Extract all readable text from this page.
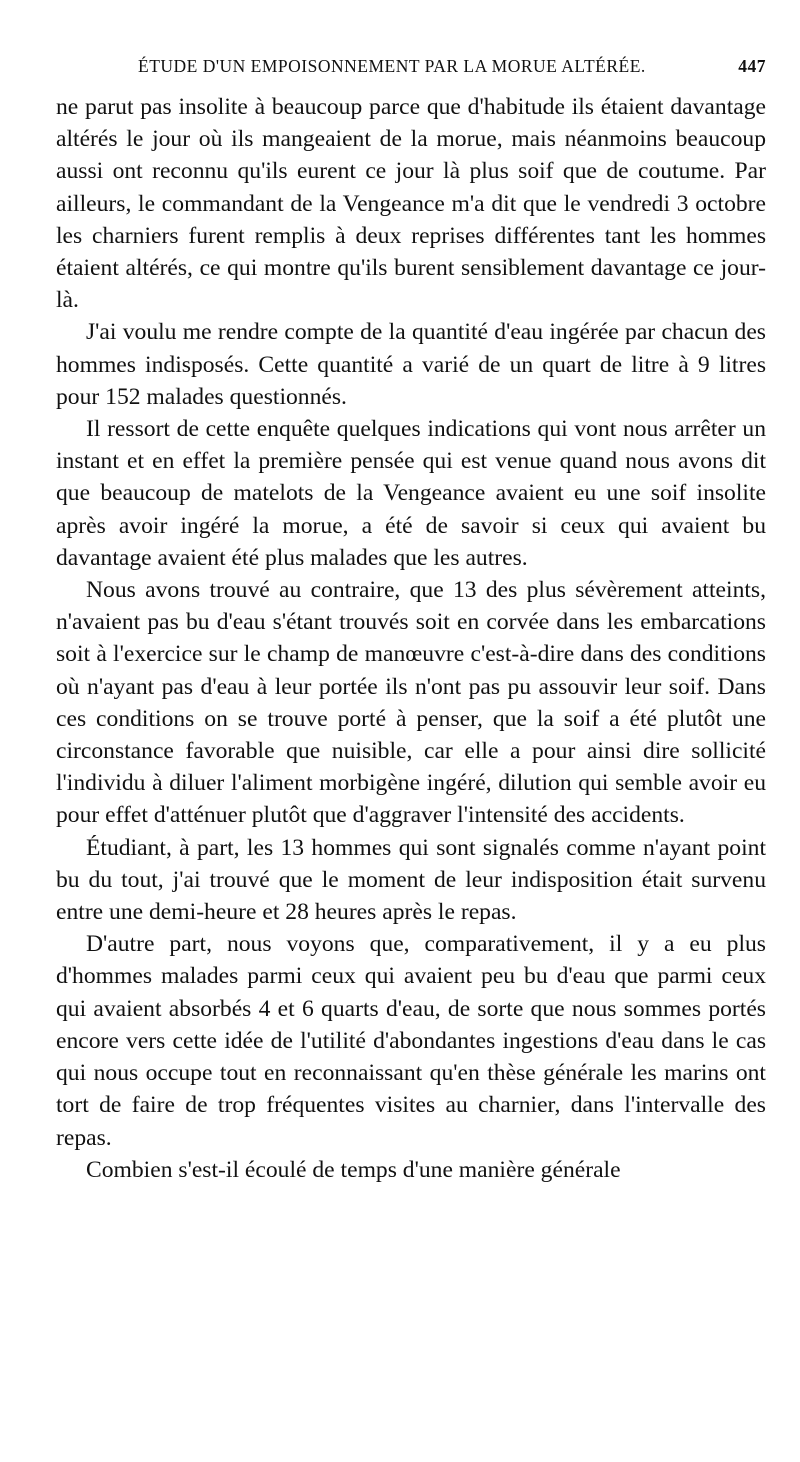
ÉTUDE D'UN EMPOISONNEMENT PAR LA MORUE ALTÉRÉE.	447

ne parut pas insolite à beaucoup parce que d'habitude ils étaient davantage altérés le jour où ils mangeaient de la morue, mais néanmoins beaucoup aussi ont reconnu qu'ils eurent ce jour là plus soif que de coutume. Par ailleurs, le commandant de la Vengeance m'a dit que le vendredi 3 octobre les charniers furent remplis à deux reprises différentes tant les hommes étaient altérés, ce qui montre qu'ils burent sensiblement davantage ce jour-là.

J'ai voulu me rendre compte de la quantité d'eau ingérée par chacun des hommes indisposés. Cette quantité a varié de un quart de litre à 9 litres pour 152 malades questionnés.

Il ressort de cette enquête quelques indications qui vont nous arrêter un instant et en effet la première pensée qui est venue quand nous avons dit que beaucoup de matelots de la Vengeance avaient eu une soif insolite après avoir ingéré la morue, a été de savoir si ceux qui avaient bu davantage avaient été plus malades que les autres.

Nous avons trouvé au contraire, que 13 des plus sévèrement atteints, n'avaient pas bu d'eau s'étant trouvés soit en corvée dans les embarcations soit à l'exercice sur le champ de manœuvre c'est-à-dire dans des conditions où n'ayant pas d'eau à leur portée ils n'ont pas pu assouvir leur soif. Dans ces conditions on se trouve porté à penser, que la soif a été plutôt une circonstance favorable que nuisible, car elle a pour ainsi dire sollicité l'individu à diluer l'aliment morbigène ingéré, dilution qui semble avoir eu pour effet d'atténuer plutôt que d'aggraver l'intensité des accidents.

Étudiant, à part, les 13 hommes qui sont signalés comme n'ayant point bu du tout, j'ai trouvé que le moment de leur indisposition était survenu entre une demi-heure et 28 heures après le repas.

D'autre part, nous voyons que, comparativement, il y a eu plus d'hommes malades parmi ceux qui avaient peu bu d'eau que parmi ceux qui avaient absorbés 4 et 6 quarts d'eau, de sorte que nous sommes portés encore vers cette idée de l'utilité d'abondantes ingestions d'eau dans le cas qui nous occupe tout en reconnaissant qu'en thèse générale les marins ont tort de faire de trop fréquentes visites au charnier, dans l'intervalle des repas.

Combien s'est-il écoulé de temps d'une manière générale
